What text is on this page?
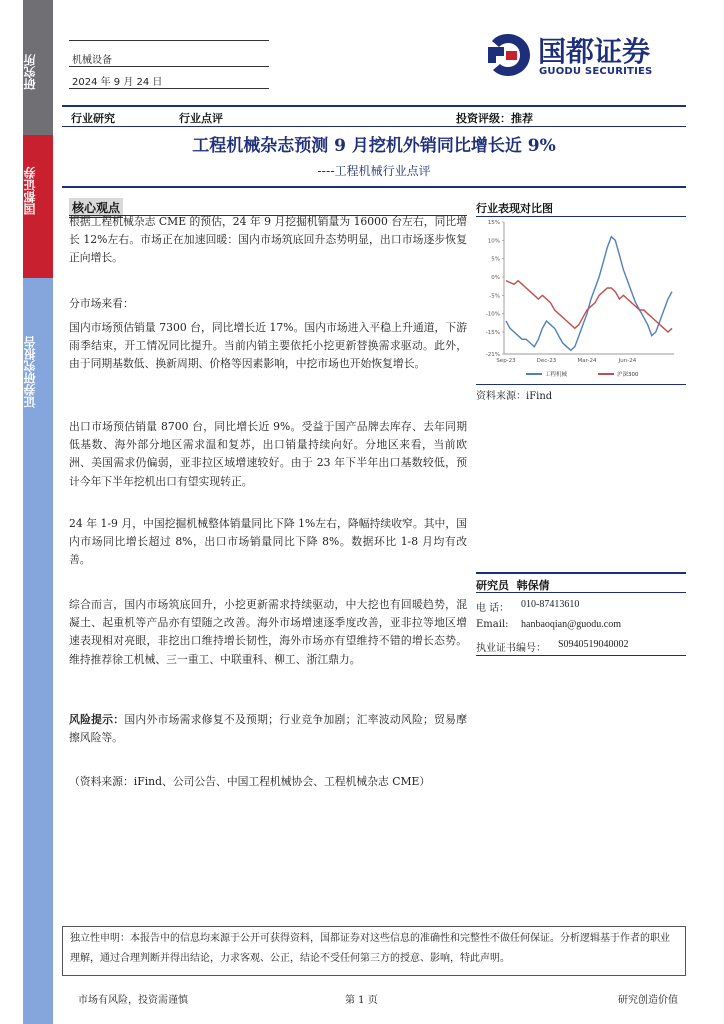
研究所
国都证券
证券研究报告
机械设备
2024 年 9 月 24 日
国都证券
GUODU SECURITIES
行业研究	行业点评	投资评级：推荐
工程机械杂志预测 9 月挖机外销同比增长近 9%
----工程机械行业点评
核心观点
根据工程机械杂志 CME 的预估，24 年 9 月挖掘机销量为 16000 台左右，同比增长 12%左右。市场正在加速回暖：国内市场筑底回升态势明显，出口市场逐步恢复正向增长。
分市场来看：
国内市场预估销量 7300 台，同比增长近 17%。国内市场进入平稳上升通道，下游雨季结束，开工情况同比提升。当前内销主要依托小挖更新替换需求驱动。此外，由于同期基数低、换新周期、价格等因素影响，中挖市场也开始恢复增长。
出口市场预估销量 8700 台，同比增长近 9%。受益于国产品牌去库存、去年同期低基数、海外部分地区需求温和复苏，出口销量持续向好。分地区来看，当前欧洲、美国需求仍偏弱，亚非拉区域增速较好。由于 23 年下半年出口基数较低，预计今年下半年挖机出口有望实现转正。
24 年 1-9 月，中国挖掘机械整体销量同比下降 1%左右，降幅持续收窄。其中，国内市场同比增长超过 8%，出口市场销量同比下降 8%。数据环比 1-8 月均有改善。
综合而言，国内市场筑底回升，小挖更新需求持续驱动，中大挖也有回暖趋势，混凝土、起重机等产品亦有望随之改善。海外市场增速逐季度改善，亚非拉等地区增速表现相对亮眼，非挖出口维持增长韧性，海外市场亦有望维持不错的增长态势。维持推荐徐工机械、三一重工、中联重科、柳工、浙江鼎力。
风险提示：国内外市场需求修复不及预期；行业竞争加剧；汇率波动风险；贸易摩擦风险等。
（资料来源：iFind、公司公告、中国工程机械协会、工程机械杂志 CME）
行业表现对比图
-21%
-15%
-10%
-5%
0%
5%
10%
15%
Sep-23	Dec-23	Mar-24	Jun-24
工程机械	沪深300
资料来源：iFind
研究员 韩保倩
电 话： 010-87413610
Email: hanbaoqian@guodu.com
执业证书编号： S0940519040002
独立性申明：本报告中的信息均来源于公开可获得资料，国都证券对这些信息的准确性和完整性不做任何保证。分析逻辑基于作者的职业理解，通过合理判断并得出结论，力求客观、公正，结论不受任何第三方的授意、影响，特此声明。
市场有风险，投资需谨慎	第 1 页	研究创造价值
